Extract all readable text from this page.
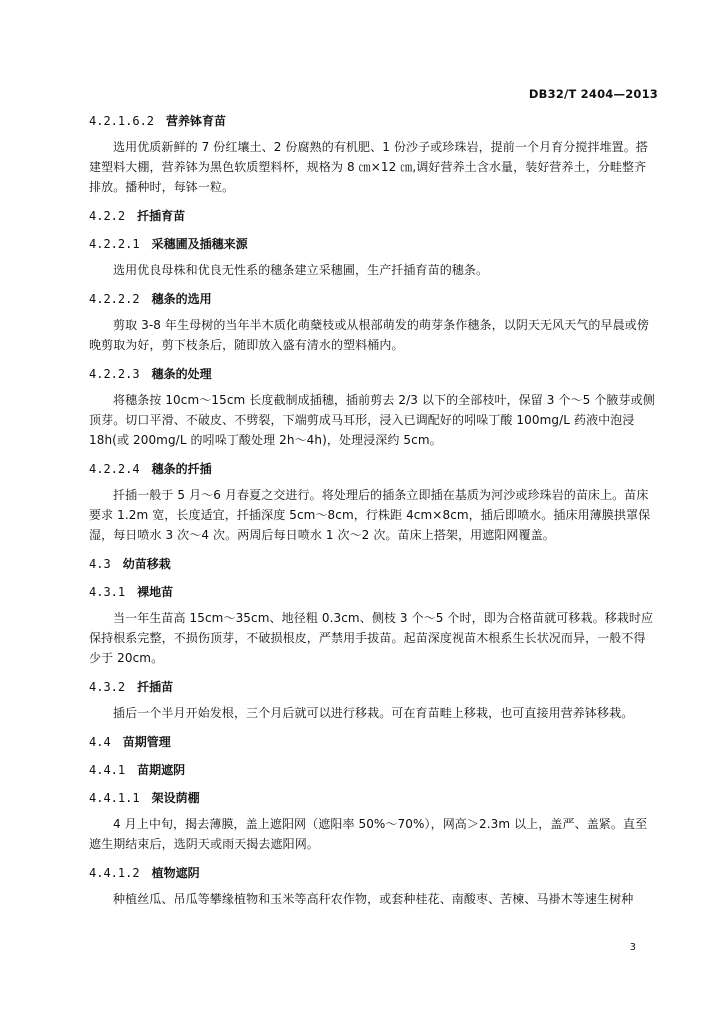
DB32/T 2404—2013
4.2.1.6.2 营养钵育苗

选用优质新鲜的 7 份红壤土、2 份腐熟的有机肥、1 份沙子或珍珠岩，提前一个月育分搅拌堆置。搭建塑料大棚，营养钵为黑色软质塑料杯，规格为 8 ㎝×12 ㎝,调好营养土含水量，装好营养土，分畦整齐排放。播种时，每钵一粒。

4.2.2 扦插育苗
4.2.2.1 采穗圃及插穗来源

选用优良母株和优良无性系的穗条建立采穗圃，生产扦插育苗的穗条。

4.2.2.2 穗条的选用

剪取 3-8 年生母树的当年半木质化萌蘖枝或从根部萌发的萌芽条作穗条，以阴天无风天气的早晨或傍晚剪取为好，剪下枝条后，随即放入盛有清水的塑料桶内。

4.2.2.3 穗条的处理

将穗条按 10cm～15cm 长度截制成插穗，插前剪去 2/3 以下的全部枝叶，保留 3 个～5 个腋芽或侧顶芽。切口平滑、不破皮、不劈裂，下端剪成马耳形，浸入已调配好的吲哚丁酸 100mg/L 药液中泡浸 18h(或 200mg/L 的吲哚丁酸处理 2h～4h)，处理浸深约 5cm。

4.2.2.4 穗条的扦插

扦插一般于 5 月～6 月春夏之交进行。将处理后的插条立即插在基质为河沙或珍珠岩的苗床上。苗床要求 1.2m 宽，长度适宜，扦插深度 5cm～8cm，行株距 4cm×8cm，插后即喷水。插床用薄膜拱罩保湿，每日喷水 3 次～4 次。两周后每日喷水 1 次～2 次。苗床上搭架，用遮阳网覆盖。

4.3 幼苗移栽
4.3.1 裸地苗

当一年生苗高 15cm～35cm、地径粗 0.3cm、侧枝 3 个～5 个时，即为合格苗就可移栽。移栽时应保持根系完整，不损伤顶芽，不破损根皮，严禁用手拔苗。起苗深度视苗木根系生长状况而异，一般不得少于 20cm。

4.3.2 扦插苗

插后一个半月开始发根，三个月后就可以进行移栽。可在育苗畦上移栽，也可直接用营养钵移栽。

4.4 苗期管理
4.4.1 苗期遮阴
4.4.1.1 架设荫棚

4 月上中旬，揭去薄膜，盖上遮阳网（遮阳率 50%～70%），网高＞2.3m 以上，盖严、盖紧。直至遮生期结束后，选阴天或雨天揭去遮阳网。

4.4.1.2 植物遮阴

种植丝瓜、吊瓜等攀缘植物和玉米等高秆农作物，或套种桂花、南酸枣、苦楝、马褂木等速生树种

3
